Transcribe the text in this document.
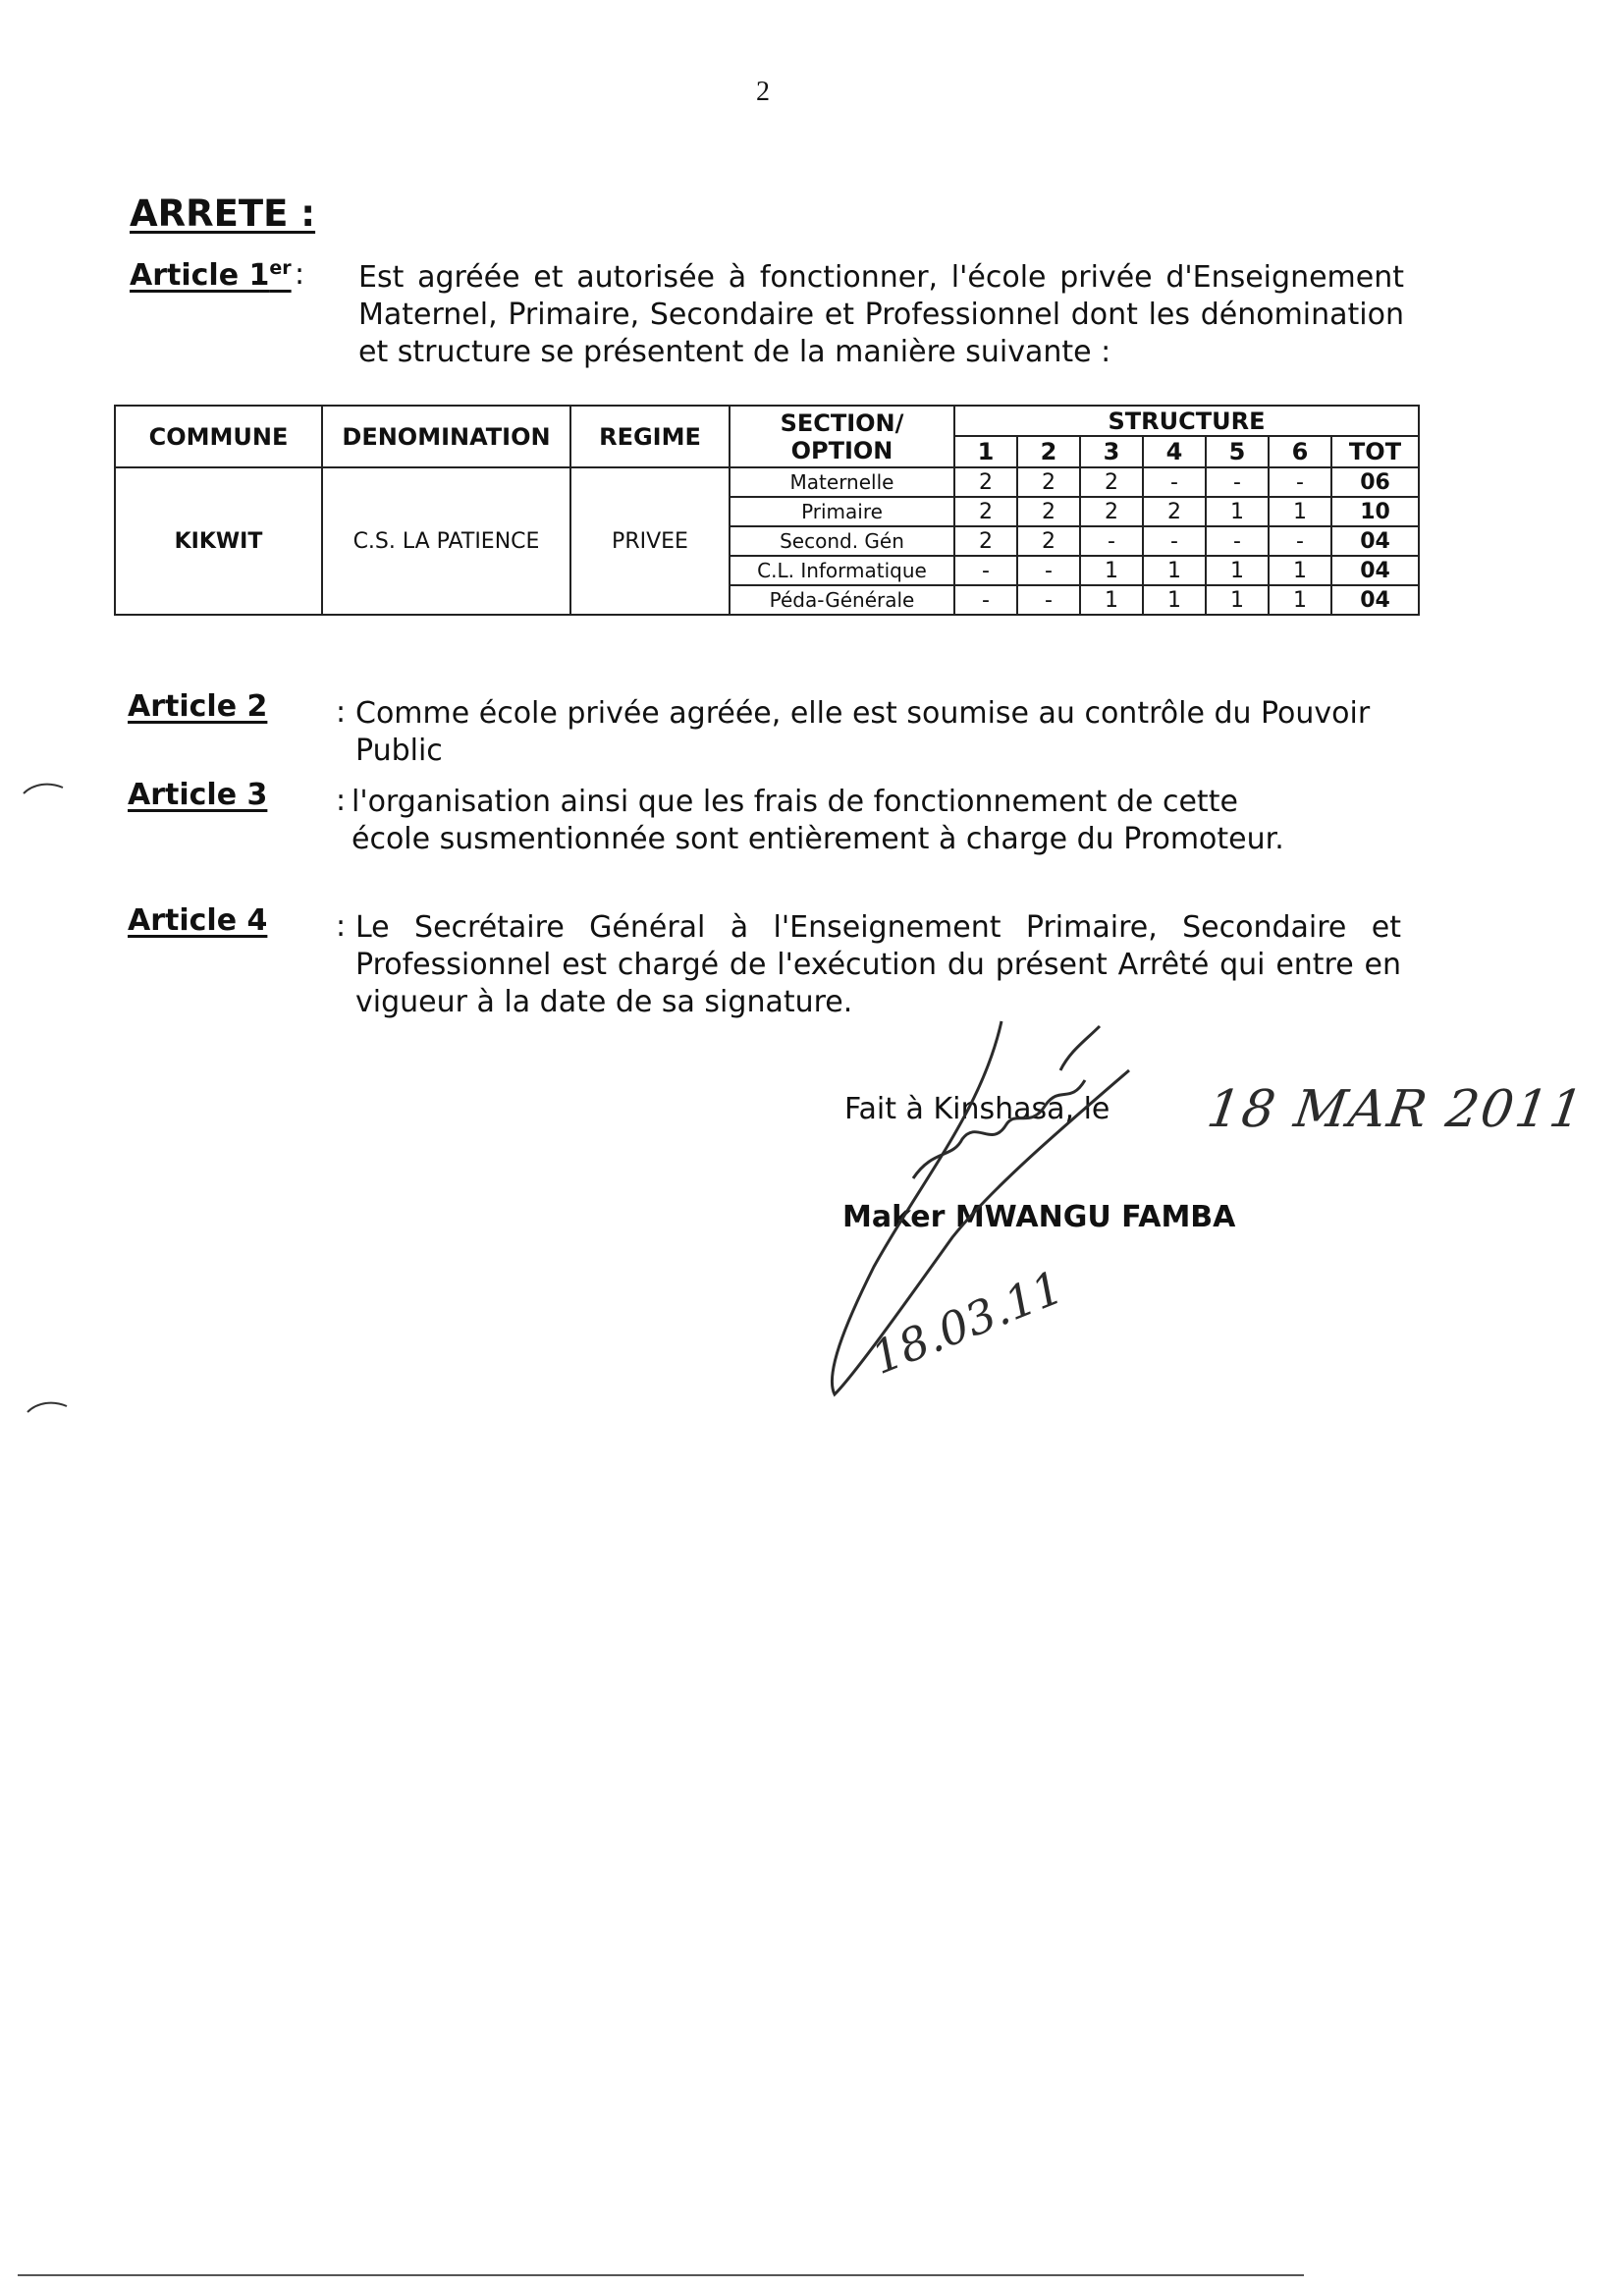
2
ARRETE :
Article 1er : Est agréée et autorisée à fonctionner, l'école privée d'Enseignement Maternel, Primaire, Secondaire et Professionnel dont les dénomination et structure se présentent de la manière suivante :
COMMUNE	DENOMINATION	REGIME	SECTION/
OPTION	STRUCTURE						
				1	2	3	4	5	6	TOT
KIKWIT	C.S. LA PATIENCE	PRIVEE	Maternelle	2	2	2	-	-	-	06
			Primaire	2	2	2	2	1	1	10
			Second. Gén	2	2	-	-	-	-	04
			C.L. Informatique	-	-	1	1	1	1	04
			Péda-Générale	-	-	1	1	1	1	04
Article 2 : Comme école privée agréée, elle est soumise au contrôle du Pouvoir Public
Article 3 : l'organisation ainsi que les frais de fonctionnement de cette école susmentionnée sont entièrement à charge du Promoteur.
Article 4 : Le Secrétaire Général à l'Enseignement Primaire, Secondaire et Professionnel est chargé de l'exécution du présent Arrêté qui entre en vigueur à la date de sa signature.
Fait à Kinshasa, le 18 MAR 2011
Maker MWANGU FAMBA
18.03.11
